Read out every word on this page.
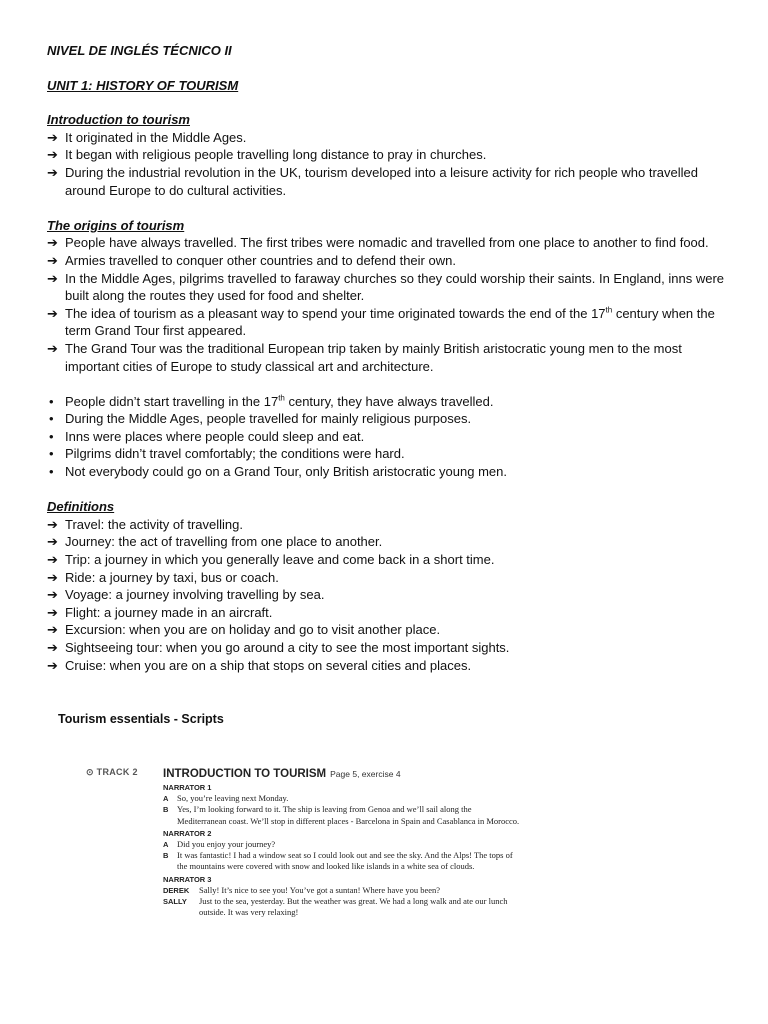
NIVEL DE INGLÉS TÉCNICO II
UNIT 1: HISTORY OF TOURISM
Introduction to tourism
➔ It originated in the Middle Ages.
➔ It began with religious people travelling long distance to pray in churches.
➔ During the industrial revolution in the UK, tourism developed into a leisure activity for rich people who travelled around Europe to do cultural activities.
The origins of tourism
➔ People have always travelled. The first tribes were nomadic and travelled from one place to another to find food.
➔ Armies travelled to conquer other countries and to defend their own.
➔ In the Middle Ages, pilgrims travelled to faraway churches so they could worship their saints. In England, inns were built along the routes they used for food and shelter.
➔ The idea of tourism as a pleasant way to spend your time originated towards the end of the 17th century when the term Grand Tour first appeared.
➔ The Grand Tour was the traditional European trip taken by mainly British aristocratic young men to the most important cities of Europe to study classical art and architecture.
• People didn’t start travelling in the 17th century, they have always travelled.
• During the Middle Ages, people travelled for mainly religious purposes.
• Inns were places where people could sleep and eat.
• Pilgrims didn’t travel comfortably; the conditions were hard.
• Not everybody could go on a Grand Tour, only British aristocratic young men.
Definitions
➔ Travel: the activity of travelling.
➔ Journey: the act of travelling from one place to another.
➔ Trip: a journey in which you generally leave and come back in a short time.
➔ Ride: a journey by taxi, bus or coach.
➔ Voyage: a journey involving travelling by sea.
➔ Flight: a journey made in an aircraft.
➔ Excursion: when you are on holiday and go to visit another place.
➔ Sightseeing tour: when you go around a city to see the most important sights.
➔ Cruise: when you are on a ship that stops on several cities and places.
Tourism essentials - Scripts
⊙ TRACK 2 INTRODUCTION TO TOURISM Page 5, exercise 4
NARRATOR 1
A So, you’re leaving next Monday.
B Yes, I’m looking forward to it. The ship is leaving from Genoa and we’ll sail along the Mediterranean coast. We’ll stop in different places - Barcelona in Spain and Casablanca in Morocco.
NARRATOR 2
A Did you enjoy your journey?
B It was fantastic! I had a window seat so I could look out and see the sky. And the Alps! The tops of the mountains were covered with snow and looked like islands in a white sea of clouds.
NARRATOR 3
DEREK Sally! It’s nice to see you! You’ve got a suntan! Where have you been?
SALLY Just to the sea, yesterday. But the weather was great. We had a long walk and ate our lunch outside. It was very relaxing!
